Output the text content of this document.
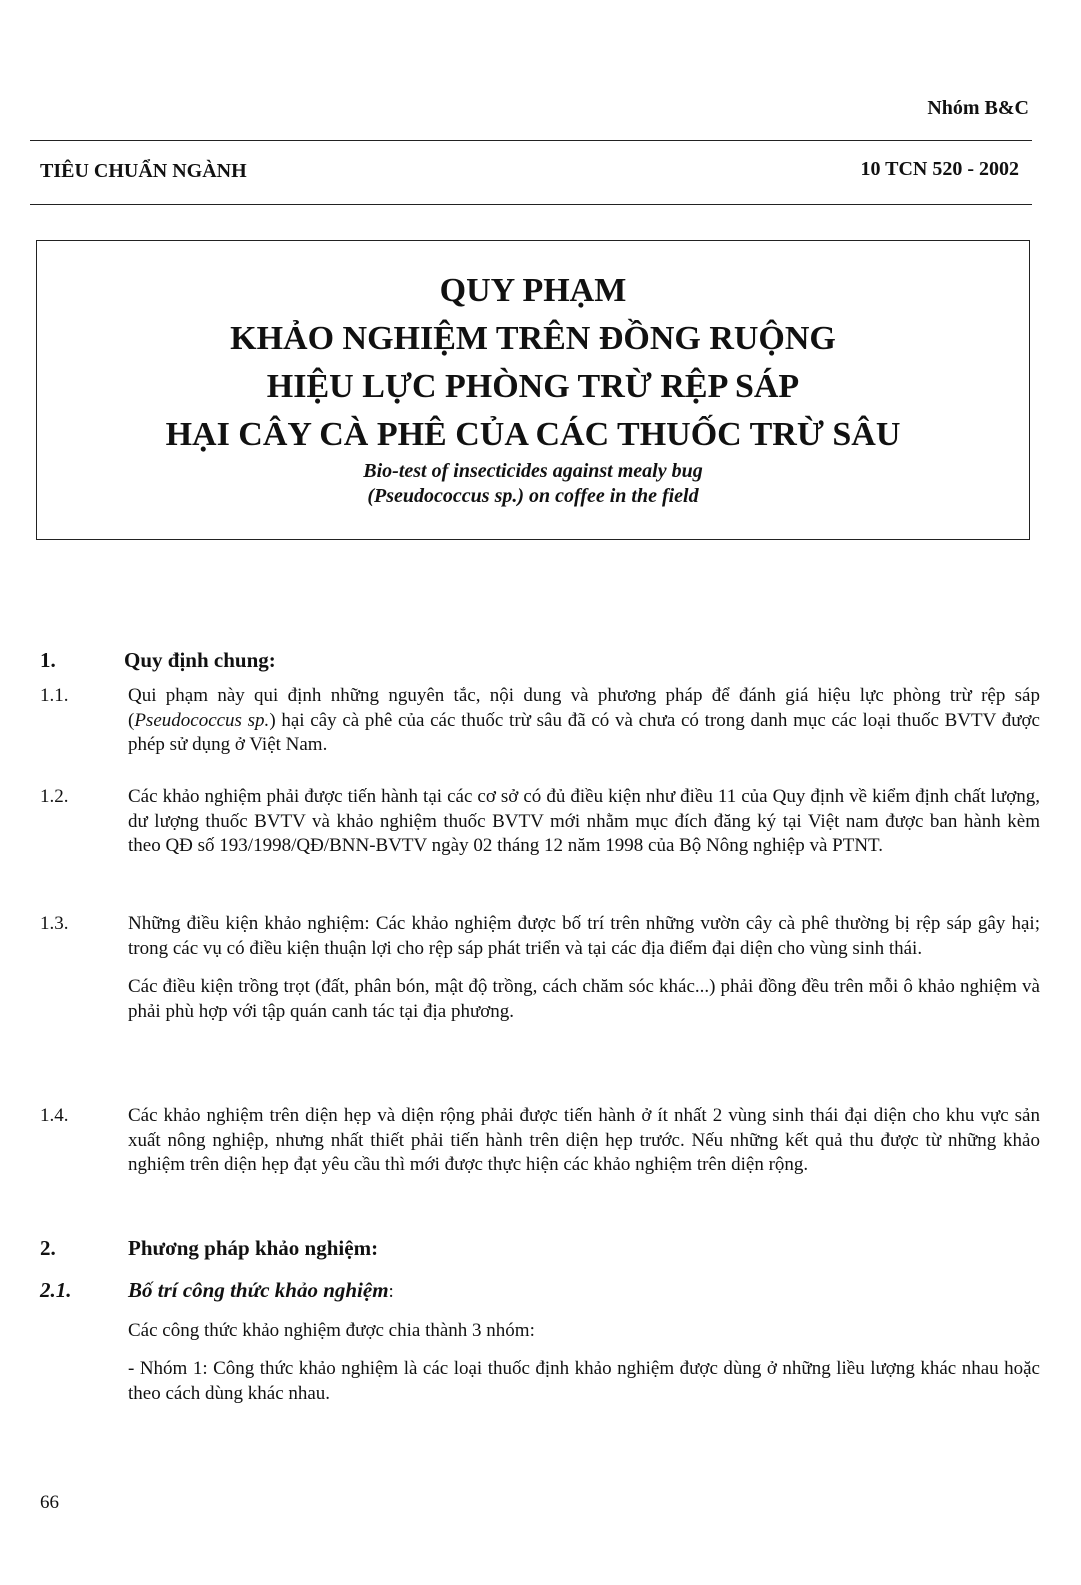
Nhóm B&C
TIÊU CHUẨN NGÀNH	10 TCN 520 - 2002
QUY PHẠM
KHẢO NGHIỆM TRÊN ĐỒNG RUỘNG
HIỆU LỰC PHÒNG TRỪ RỆP SÁP
HẠI CÂY CÀ PHÊ CỦA CÁC THUỐC TRỪ SÂU
Bio-test of insecticides against mealy bug
(Pseudococcus sp.) on coffee in the field
1.	Quy định chung:
1.1.	Qui phạm này qui định những nguyên tắc, nội dung và phương pháp để đánh giá hiệu lực phòng trừ rệp sáp (Pseudococcus sp.) hại cây cà phê của các thuốc trừ sâu đã có và chưa có trong danh mục các loại thuốc BVTV được phép sử dụng ở Việt Nam.
1.2.	Các khảo nghiệm phải được tiến hành tại các cơ sở có đủ điều kiện như điều 11 của Quy định về kiểm định chất lượng, dư lượng thuốc BVTV và khảo nghiệm thuốc BVTV mới nhằm mục đích đăng ký tại Việt nam được ban hành kèm theo QĐ số 193/1998/QĐ/BNN-BVTV ngày 02 tháng 12 năm 1998 của Bộ Nông nghiệp và PTNT.
1.3.	Những điều kiện khảo nghiệm: Các khảo nghiệm được bố trí trên những vườn cây cà phê thường bị rệp sáp gây hại; trong các vụ có điều kiện thuận lợi cho rệp sáp phát triển và tại các địa điểm đại diện cho vùng sinh thái.
Các điều kiện trồng trọt (đất, phân bón, mật độ trồng, cách chăm sóc khác...) phải đồng đều trên mỗi ô khảo nghiệm và phải phù hợp với tập quán canh tác tại địa phương.
1.4.	Các khảo nghiệm trên diện hẹp và diện rộng phải được tiến hành ở ít nhất 2 vùng sinh thái đại diện cho khu vực sản xuất nông nghiệp, nhưng nhất thiết phải tiến hành trên diện hẹp trước. Nếu những kết quả thu được từ những khảo nghiệm trên diện hẹp đạt yêu cầu thì mới được thực hiện các khảo nghiệm trên diện rộng.
2.	Phương pháp khảo nghiệm:
2.1.	Bố trí công thức khảo nghiệm:
Các công thức khảo nghiệm được chia thành 3 nhóm:
- Nhóm 1: Công thức khảo nghiệm là các loại thuốc định khảo nghiệm được dùng ở những liều lượng khác nhau hoặc theo cách dùng khác nhau.
66
